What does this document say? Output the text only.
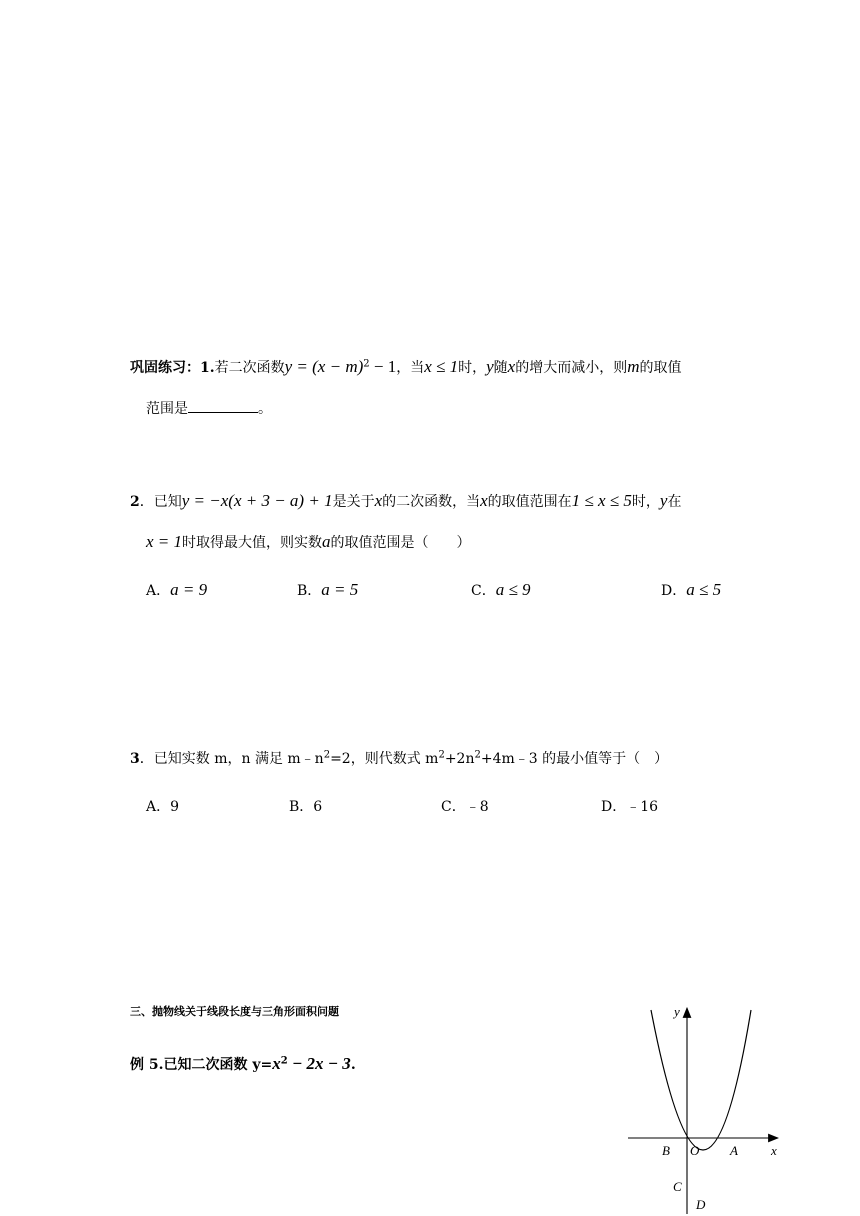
巩固练习：1.若二次函数$y = (x - m)^2 - 1$，当x ≤ 1时，y随x的增大而减小，则m的取值
范围是	。
2．已知y = −x(x + 3 − a) + 1是关于x的二次函数，当x的取值范围在1 ≤ x ≤ 5时，y在
x = 1时取得最大值，则实数a的取值范围是（　　）
A．a = 9	B．a = 5	C．a ≤ 9	D．a ≤ 5
3．已知实数 m，n 满足 $m﹣n^2=2$，则代数式 $m^2+2n^2+4m﹣3$ 的最小值等于（　）
A．9	B．6	C．﹣8	D．﹣16
三、抛物线关于线段长度与三角形面积问题
例 5.已知二次函数 $y=x^2 - 2x - 3$.
y
x
B O A
C
D
